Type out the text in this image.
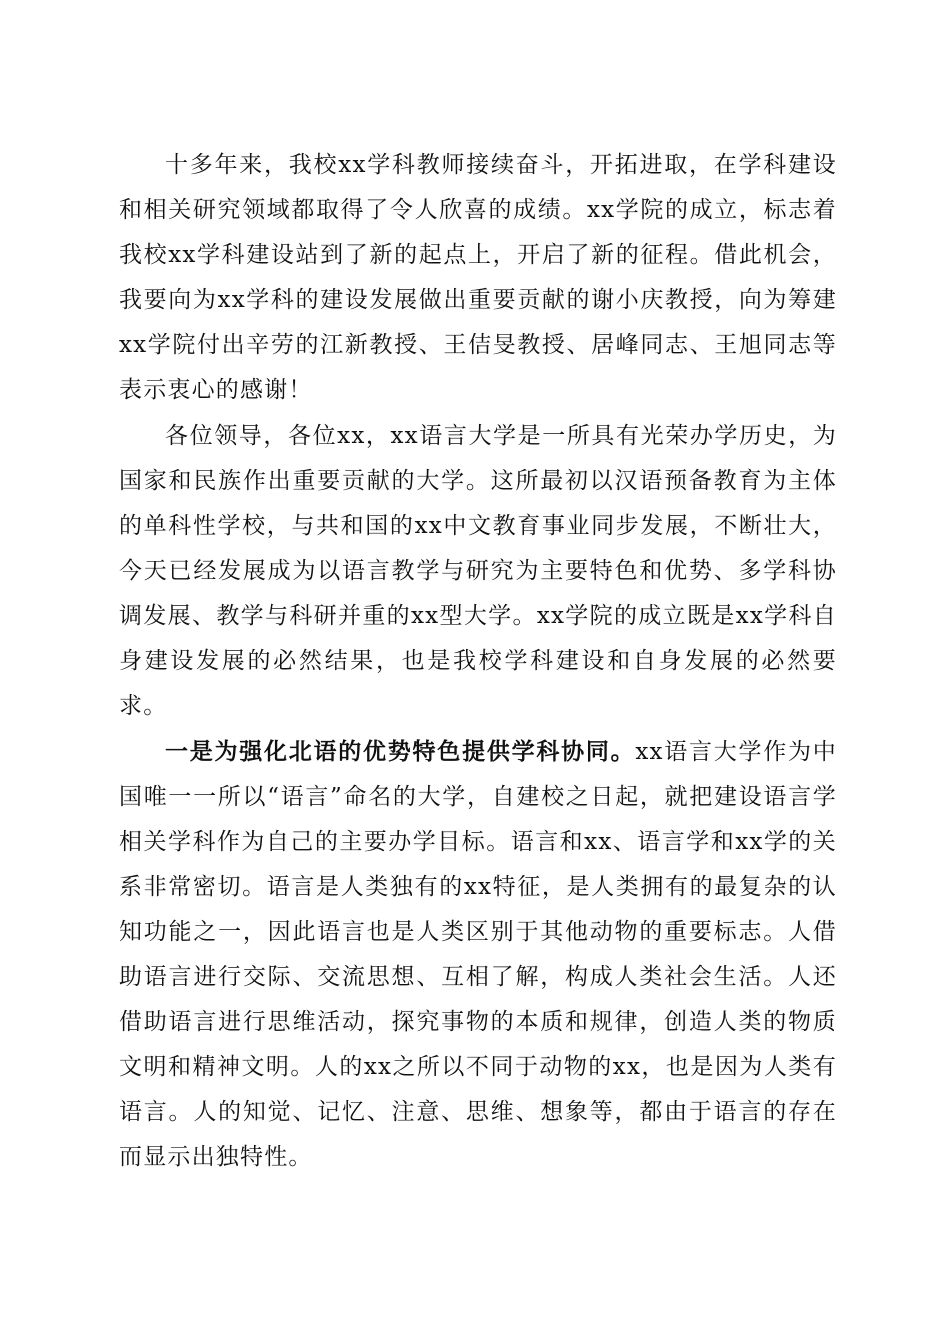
十多年来，我校xx学科教师接续奋斗，开拓进取，在学科建设和相关研究领域都取得了令人欣喜的成绩。xx学院的成立，标志着我校xx学科建设站到了新的起点上，开启了新的征程。借此机会，我要向为xx学科的建设发展做出重要贡献的谢小庆教授，向为筹建xx学院付出辛劳的江新教授、王佶旻教授、居峰同志、王旭同志等表示衷心的感谢！

各位领导，各位xx，xx语言大学是一所具有光荣办学历史，为国家和民族作出重要贡献的大学。这所最初以汉语预备教育为主体的单科性学校，与共和国的xx中文教育事业同步发展，不断壮大，今天已经发展成为以语言教学与研究为主要特色和优势、多学科协调发展、教学与科研并重的xx型大学。xx学院的成立既是xx学科自身建设发展的必然结果，也是我校学科建设和自身发展的必然要求。

一是为强化北语的优势特色提供学科协同。xx语言大学作为中国唯一一所以“语言”命名的大学，自建校之日起，就把建设语言学相关学科作为自己的主要办学目标。语言和xx、语言学和xx学的关系非常密切。语言是人类独有的xx特征，是人类拥有的最复杂的认知功能之一，因此语言也是人类区别于其他动物的重要标志。人借助语言进行交际、交流思想、互相了解，构成人类社会生活。人还借助语言进行思维活动，探究事物的本质和规律，创造人类的物质文明和精神文明。人的xx之所以不同于动物的xx，也是因为人类有语言。人的知觉、记忆、注意、思维、想象等，都由于语言的存在而显示出独特性。
